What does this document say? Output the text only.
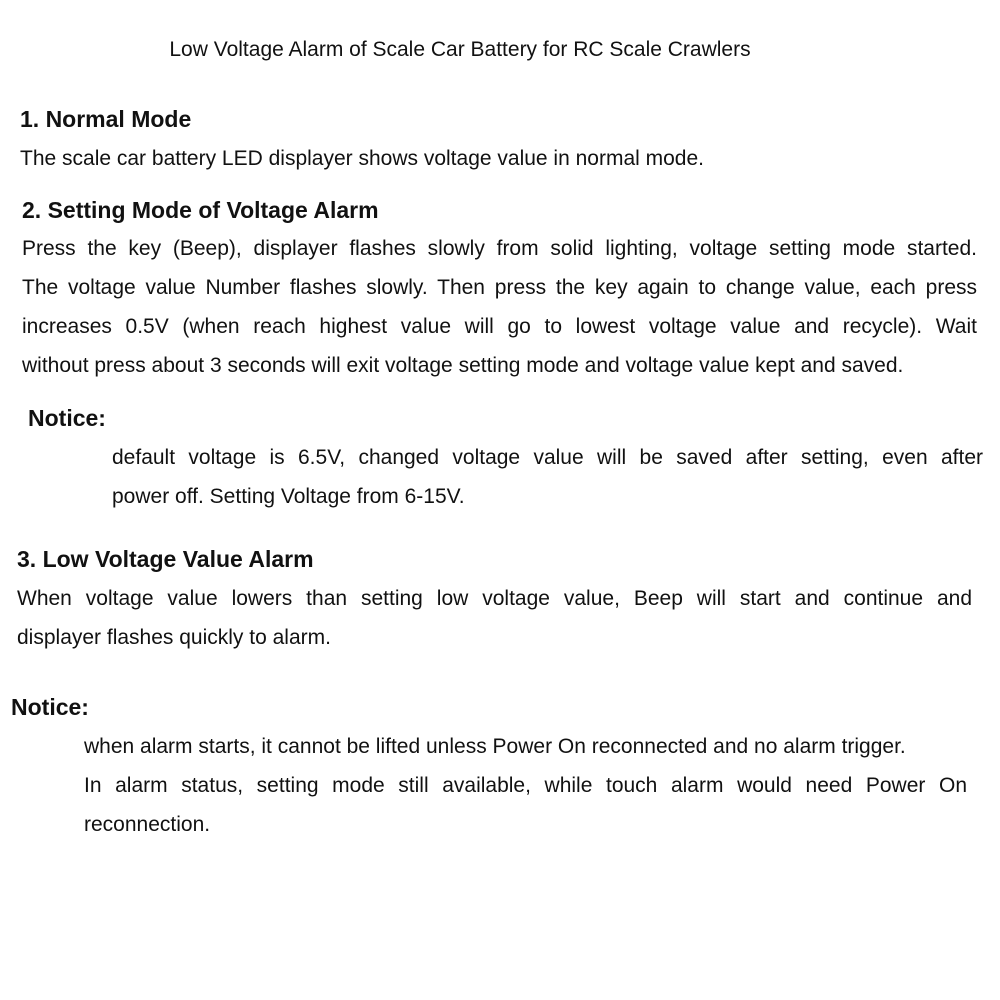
Low Voltage Alarm of Scale Car Battery for RC Scale Crawlers
1. Normal Mode
The scale car battery LED displayer shows voltage value in normal mode.
2. Setting Mode of Voltage Alarm
Press the key (Beep), displayer flashes slowly from solid lighting, voltage setting mode started.
The voltage value Number flashes slowly. Then press the key again to change value, each press
increases 0.5V (when reach highest value will go to lowest voltage value and recycle). Wait
without press about 3 seconds will exit voltage setting mode and voltage value kept and saved.
Notice:
default voltage is 6.5V, changed voltage value will be saved after setting, even after
power off. Setting Voltage from 6-15V.
3. Low Voltage Value Alarm
When voltage value lowers than setting low voltage value, Beep will start and continue and
displayer flashes quickly to alarm.
Notice:
when alarm starts, it cannot be lifted unless Power On reconnected and no alarm trigger.
In alarm status, setting mode still available, while touch alarm would need Power On
reconnection.
